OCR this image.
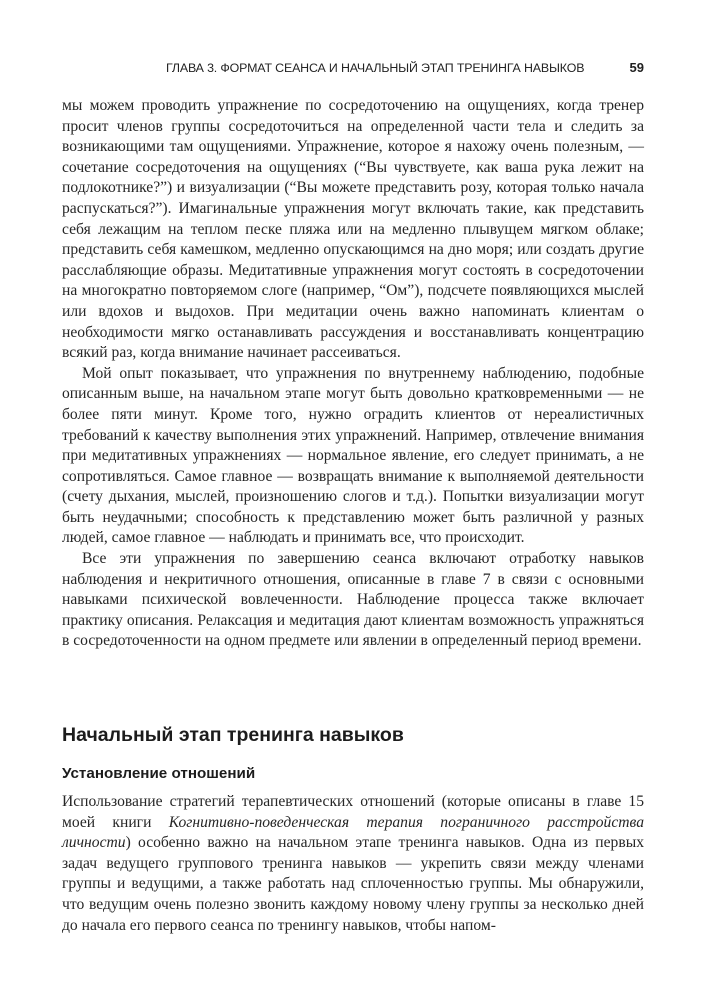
ГЛАВА 3. ФОРМАТ СЕАНСА И НАЧАЛЬНЫЙ ЭТАП ТРЕНИНГА НАВЫКОВ	59

мы можем проводить упражнение по сосредоточению на ощущениях, когда тренер просит членов группы сосредоточиться на определенной части тела и следить за возникающими там ощущениями. Упражнение, которое я нахожу очень полезным, — сочетание сосредоточения на ощущениях (“Вы чувствуете, как ваша рука лежит на подлокотнике?”) и визуализации (“Вы можете представить розу, которая только начала распускаться?”). Имагинальные упражнения могут включать такие, как представить себя лежащим на теплом песке пляжа или на медленно плывущем мягком облаке; представить себя камешком, медленно опускающимся на дно моря; или создать другие расслабляющие образы. Медитативные упражнения могут состоять в сосредоточении на многократно повторяемом слоге (например, “Ом”), подсчете появляющихся мыслей или вдохов и выдохов. При медитации очень важно напоминать клиентам о необходимости мягко останавливать рассуждения и восстанавливать концентрацию всякий раз, когда внимание начинает рассеиваться.

Мой опыт показывает, что упражнения по внутреннему наблюдению, подобные описанным выше, на начальном этапе могут быть довольно кратковременными — не более пяти минут. Кроме того, нужно оградить клиентов от нереалистичных требований к качеству выполнения этих упражнений. Например, отвлечение внимания при медитативных упражнениях — нормальное явление, его следует принимать, а не сопротивляться. Самое главное — возвращать внимание к выполняемой деятельности (счету дыхания, мыслей, произношению слогов и т.д.). Попытки визуализации могут быть неудачными; способность к представлению может быть различной у разных людей, самое главное — наблюдать и принимать все, что происходит.

Все эти упражнения по завершению сеанса включают отработку навыков наблюдения и некритичного отношения, описанные в главе 7 в связи с основными навыками психической вовлеченности. Наблюдение процесса также включает практику описания. Релаксация и медитация дают клиентам возможность упражняться в сосредоточенности на одном предмете или явлении в определенный период времени.

Начальный этап тренинга навыков
Установление отношений

Использование стратегий терапевтических отношений (которые описаны в главе 15 моей книги Когнитивно-поведенческая терапия пограничного расстройства личности) особенно важно на начальном этапе тренинга навыков. Одна из первых задач ведущего группового тренинга навыков — укрепить связи между членами группы и ведущими, а также работать над сплоченностью группы. Мы обнаружили, что ведущим очень полезно звонить каждому новому члену группы за несколько дней до начала его первого сеанса по тренингу навыков, чтобы напом-
